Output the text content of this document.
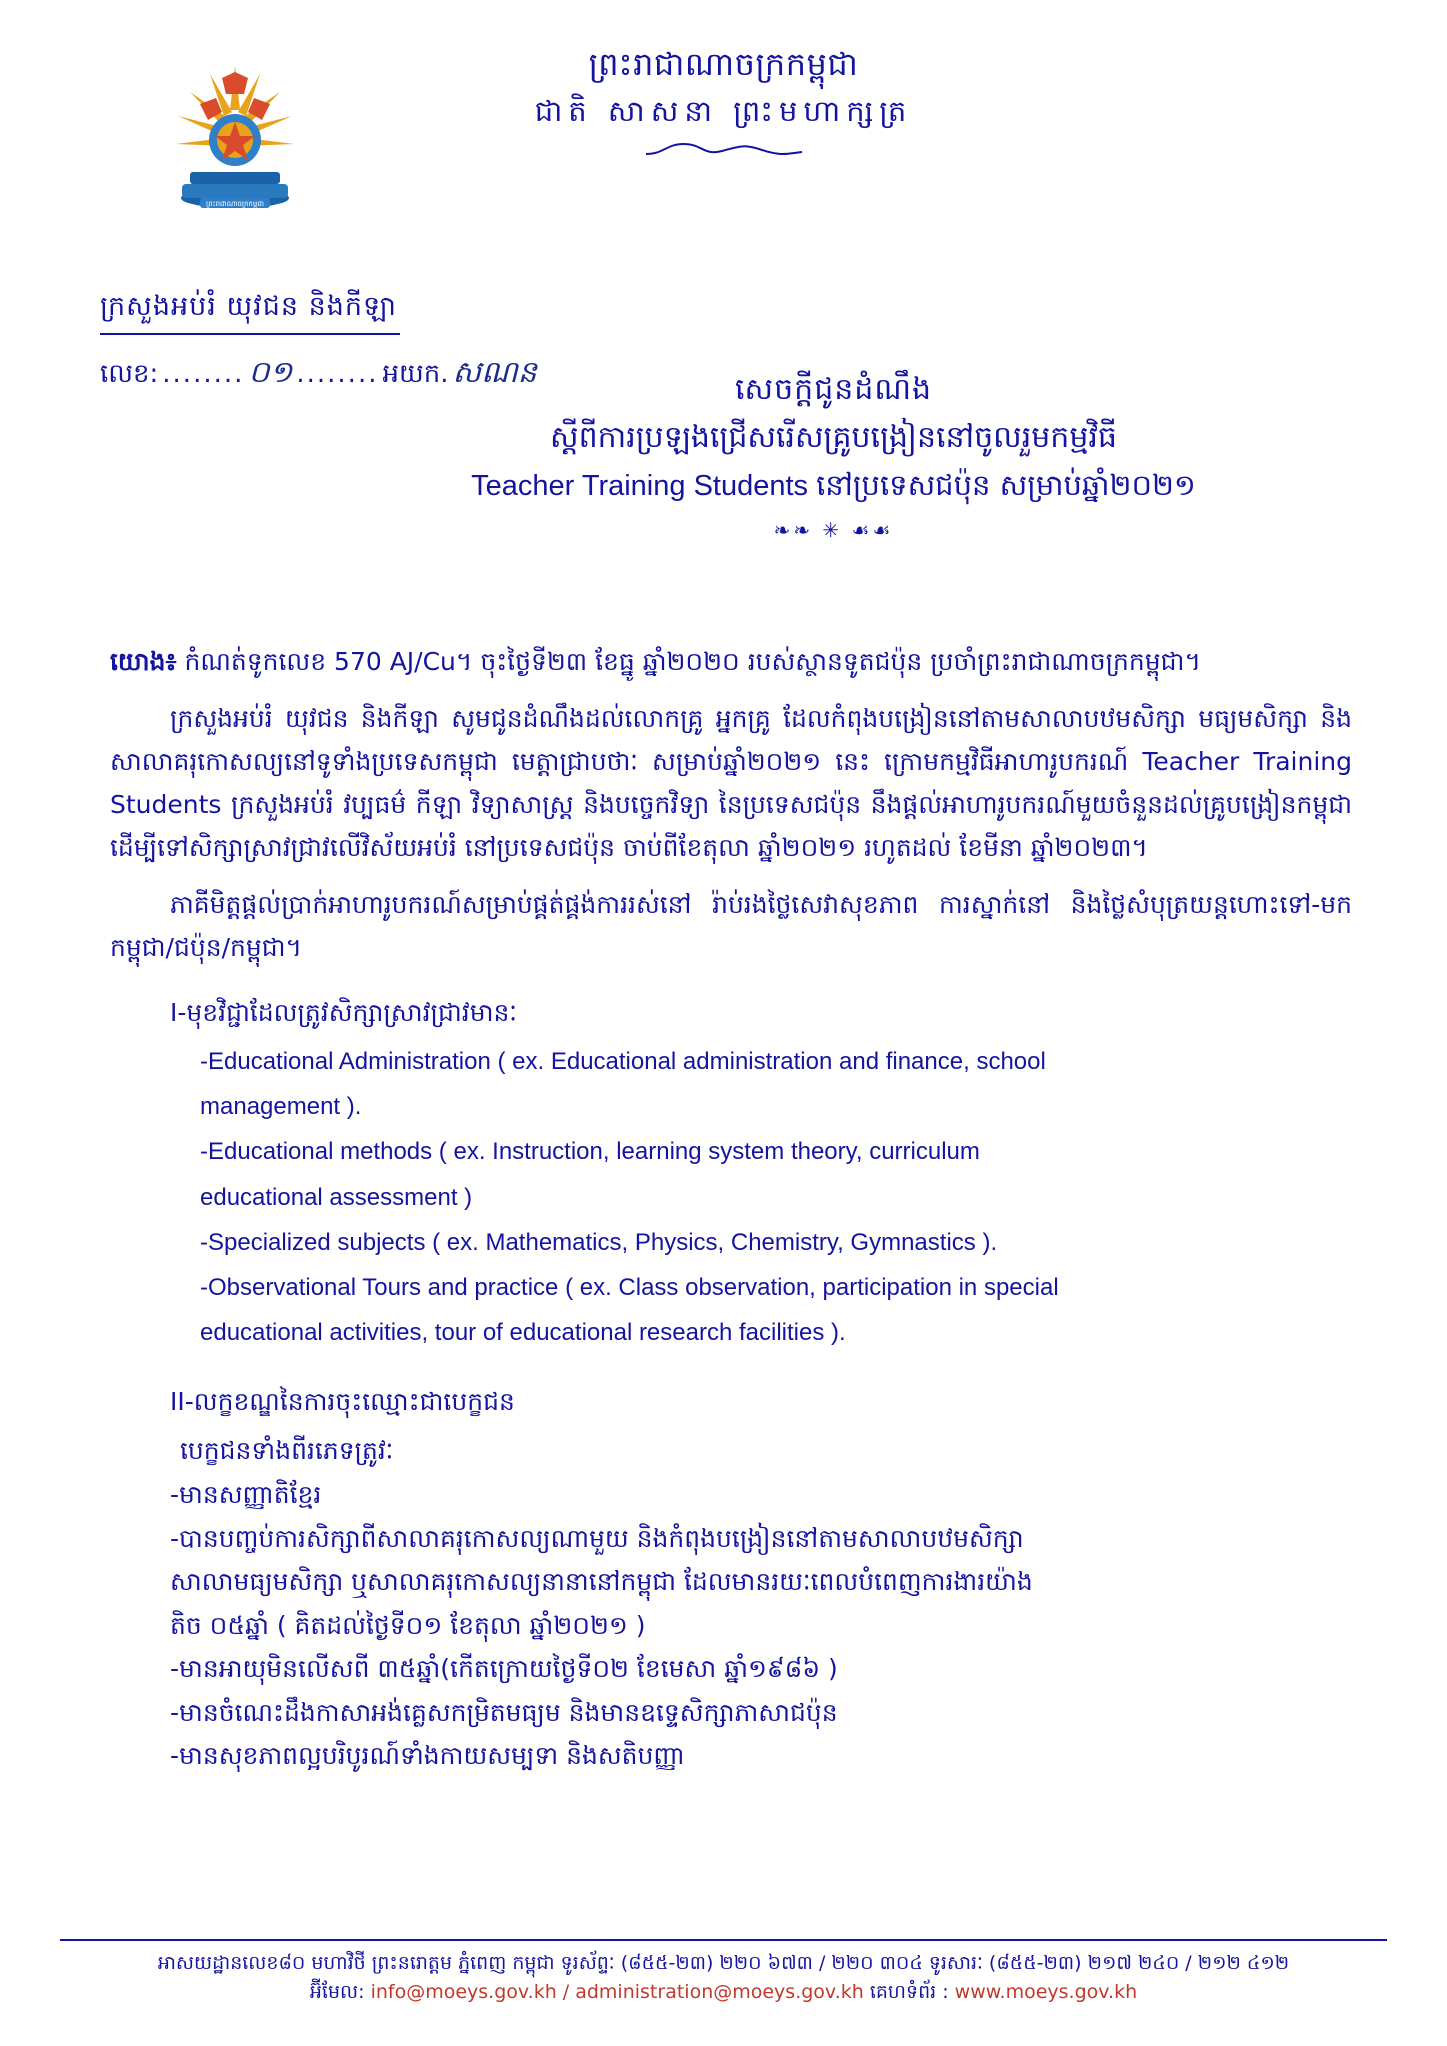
ព្រះរាជាណាចក្រកម្ពុជា
ព្រះរាជាណាចក្រកម្ពុជា
ជាតិ សាសនា ព្រះមហាក្សត្រ
ក្រសួងអប់រំ យុវជន និងកីឡា
លេខ: ........ ០១ ........ អយក. សណន	សេចក្ដីជូនដំណឹង
ស្ដីពីការប្រឡងជ្រើសរើសគ្រូបង្រៀននៅចូលរួមកម្មវិធី
Teacher Training Students នៅប្រទេសជប៉ុន សម្រាប់ឆ្នាំ២០២១
❧❧ ✳ ☙☙
យោង៖ កំណត់ទូកលេខ 570 AJ/Cu។ ចុះថ្ងៃទី២៣ ខែធ្នូ ឆ្នាំ២០២០ របស់ស្ថានទូតជប៉ុន ប្រចាំព្រះរាជាណាចក្រកម្ពុជា។

ក្រសួងអប់រំ យុវជន និងកីឡា សូមជូនដំណឹងដល់លោកគ្រូ អ្នកគ្រូ ដែលកំពុងបង្រៀននៅតាមសាលាបឋមសិក្សា មធ្យមសិក្សា និងសាលាគរុកោសល្យនៅទូទាំងប្រទេសកម្ពុជា មេត្តាជ្រាបថាៈ សម្រាប់ឆ្នាំ២០២១ នេះ ក្រោមកម្មវិធីអាហារូបករណ៍ Teacher Training Students ក្រសួងអប់រំ វប្បធម៌ កីឡា វិទ្យាសាស្ត្រ និងបច្ចេកវិទ្យា នៃប្រទេសជប៉ុន នឹងផ្ដល់អាហារូបករណ៍មួយចំនួនដល់គ្រូបង្រៀនកម្ពុជា ដើម្បីទៅសិក្សាស្រាវជ្រាវលើវិស័យអប់រំ នៅប្រទេសជប៉ុន ចាប់ពីខែតុលា ឆ្នាំ២០២១ រហូតដល់ ខែមីនា ឆ្នាំ២០២៣។

ភាគីមិត្តផ្ដល់ប្រាក់អាហារូបករណ៍សម្រាប់ផ្គត់ផ្គង់ការរស់នៅ រ៉ាប់រងថ្លៃសេវាសុខភាព ការស្នាក់នៅ និងថ្លៃសំបុត្រយន្តហោះទៅ-មក កម្ពុជា/ជប៉ុន/កម្ពុជា។

I-មុខវិជ្ជាដែលត្រូវសិក្សាស្រាវជ្រាវមានៈ
-Educational Administration ( ex. Educational administration and finance, school
management ).
-Educational methods ( ex. Instruction, learning system theory, curriculum
educational assessment )
-Specialized subjects ( ex. Mathematics, Physics, Chemistry, Gymnastics ).
-Observational Tours and practice ( ex. Class observation, participation in special
educational activities, tour of educational research facilities ).
II-លក្ខខណ្ឌនៃការចុះឈ្មោះជាបេក្ខជន
បេក្ខជនទាំងពីរភេទត្រូវៈ
-មានសញ្ញាតិខ្មែរ
-បានបញ្ចប់ការសិក្សាពីសាលាគរុកោសល្យណាមួយ និងកំពុងបង្រៀននៅតាមសាលាបឋមសិក្សា
សាលាមធ្យមសិក្សា ឬសាលាគរុកោសល្យនានានៅកម្ពុជា ដែលមានរយៈពេលបំពេញការងារយ៉ាង
តិច ០៥ឆ្នាំ ( គិតដល់ថ្ងៃទី០១ ខែតុលា ឆ្នាំ២០២១ )
-មានអាយុមិនលើសពី ៣៥ឆ្នាំ(កើតក្រោយថ្ងៃទី០២ ខែមេសា ឆ្នាំ១៩៨៦ )
-មានចំណេះដឹងកាសាអង់គ្លេសកម្រិតមធ្យម និងមានឧទ្ទេសិក្សាភាសាជប៉ុន
-មានសុខភាពល្អបរិបូរណ៍ទាំងកាយសម្បទា និងសតិបញ្ញា
អាសយដ្ឋានលេខ៨០ មហាវិថី ព្រះនរោត្តម ភ្នំពេញ កម្ពុជា ទូរស័ព្ទៈ (៨៥៥-២៣) ២២០ ៦៧៣ / ២២០ ៣០៤ ទូរសារៈ (៨៥៥-២៣) ២១៧ ២៤០ / ២១២ ៤១២
អ៊ីមែល: info@moeys.gov.kh / administration@moeys.gov.kh គេហទំព័រ : www.moeys.gov.kh
